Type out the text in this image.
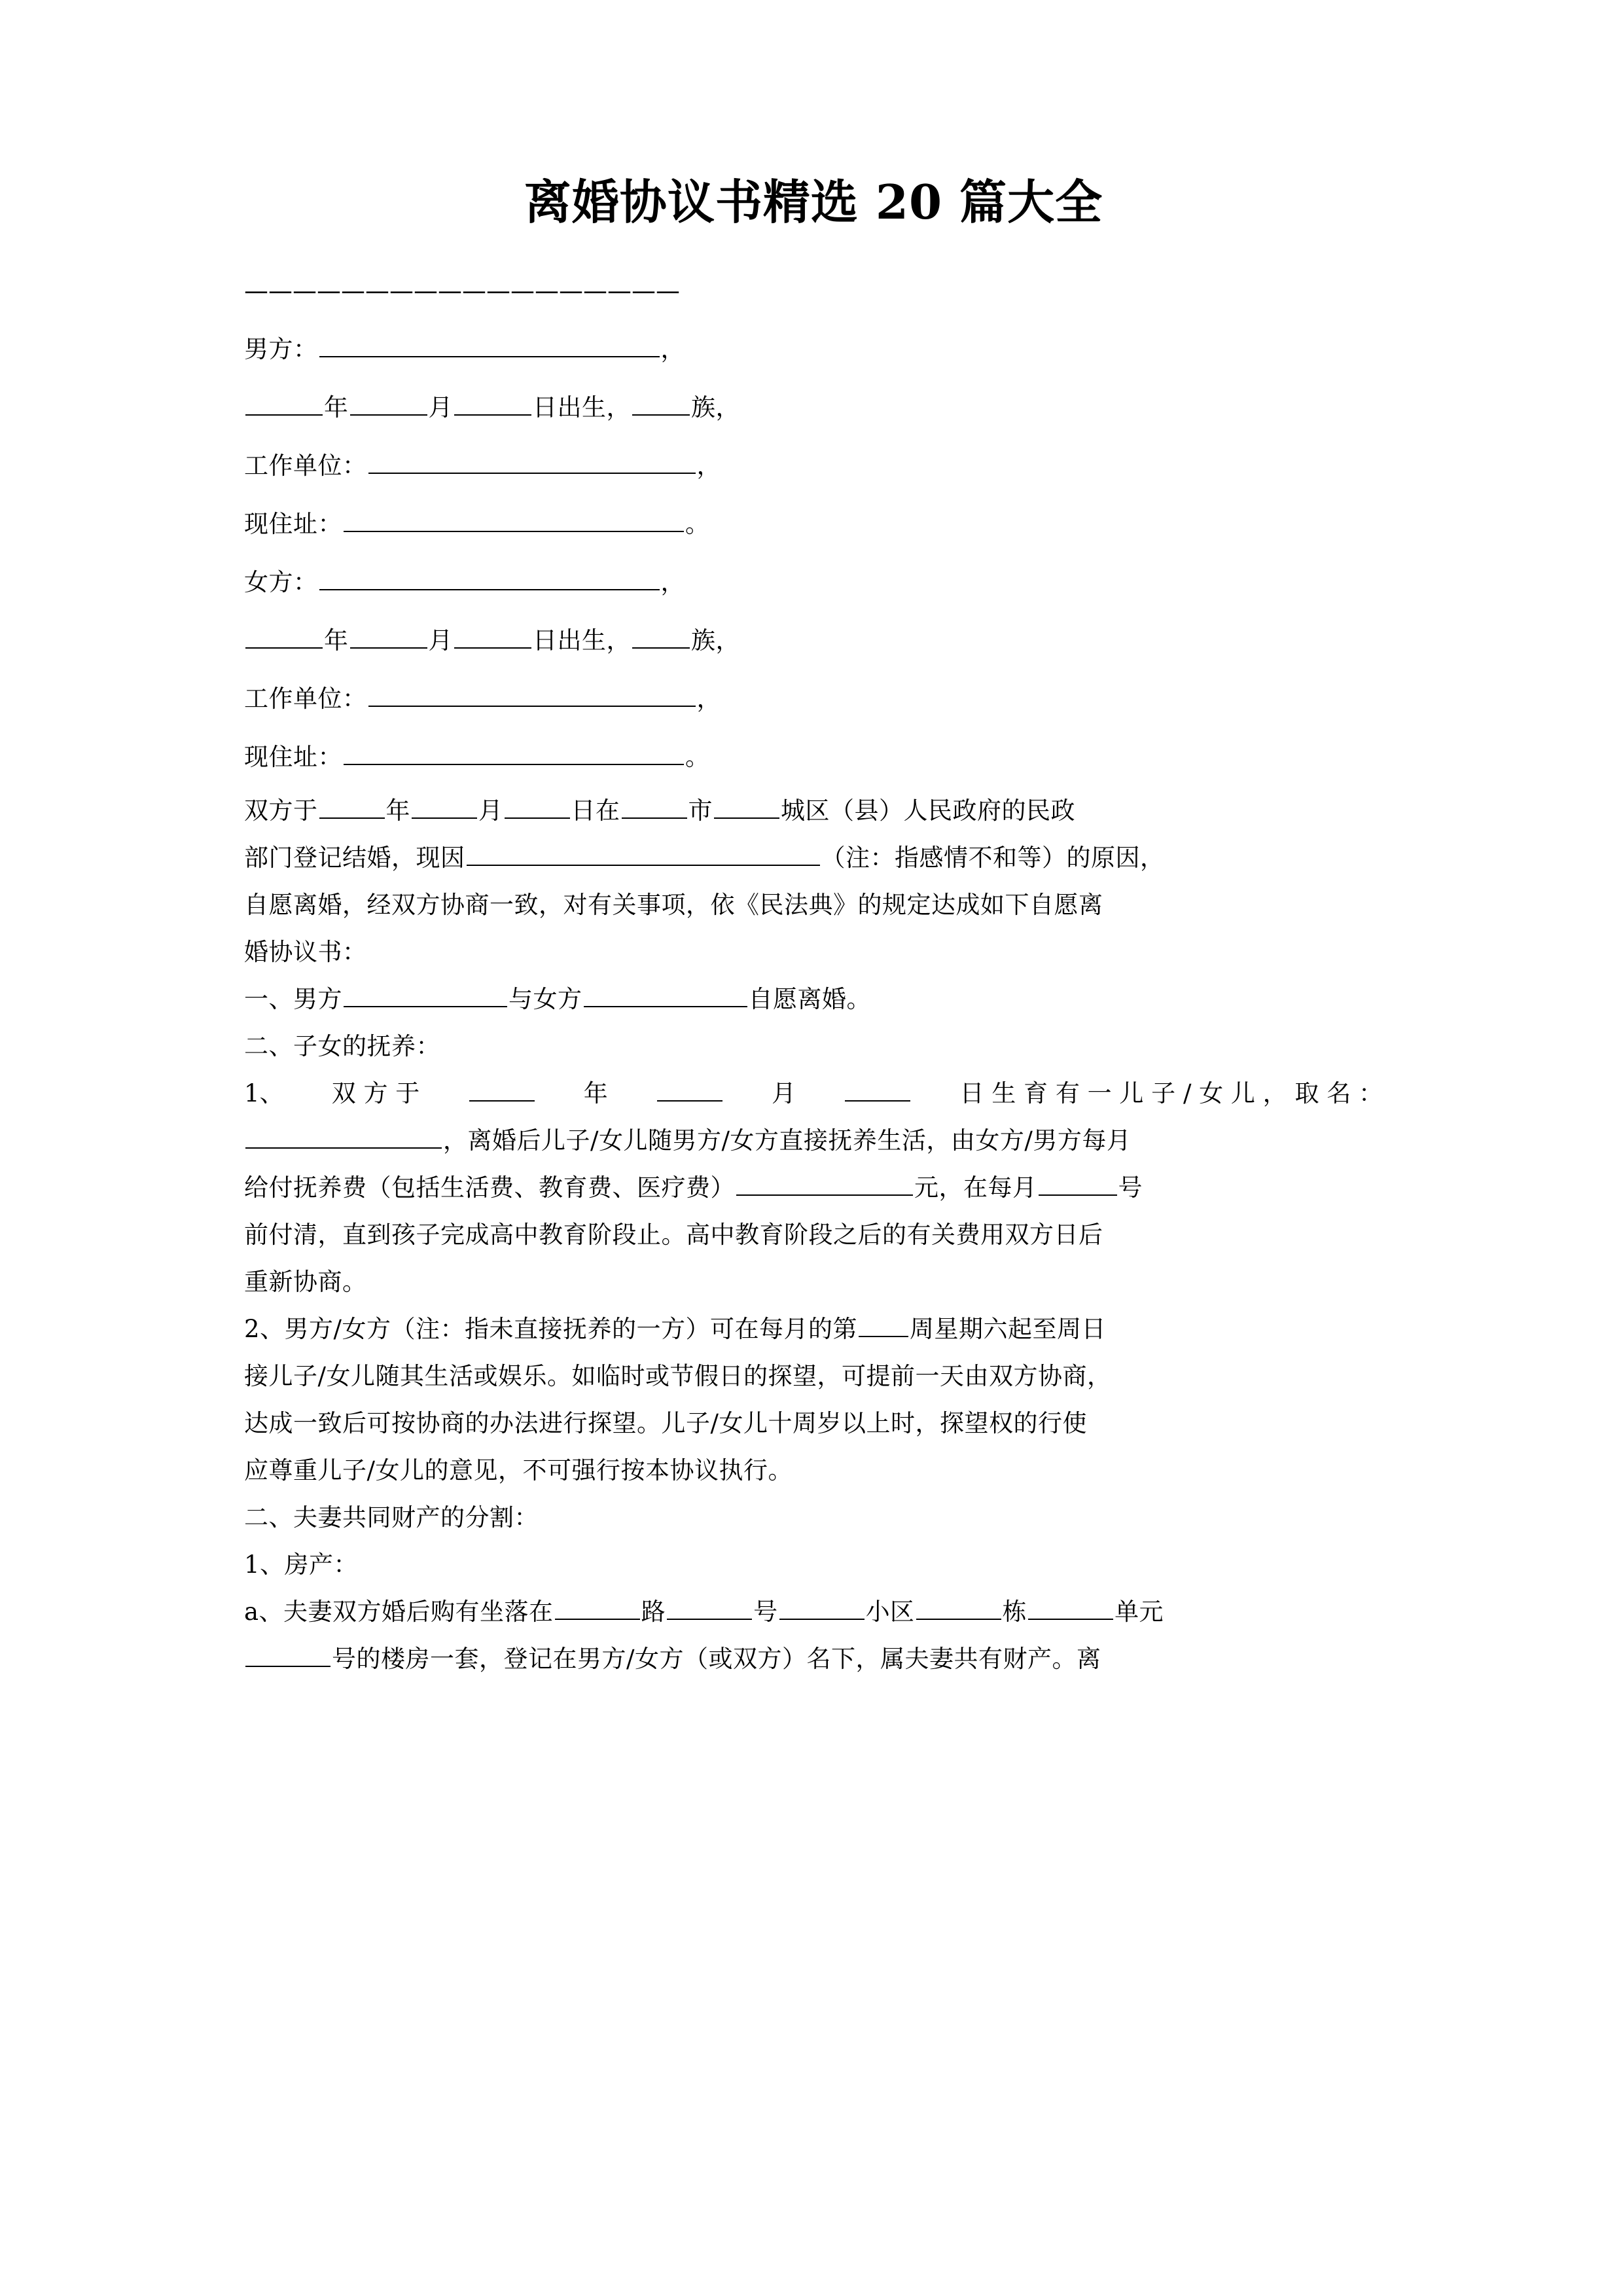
离婚协议书精选 20 篇大全
——————————————————
男方：	，
年	月	日出生， 族，
工作单位：	，
现住址：	。
女方：	，
年	月	日出生， 族，
工作单位：	，
现住址：	。
双方于	年	月	日在	市	城区（县）人民政府的民政
部门登记结婚，现因	（注：指感情不和等）的原因，
自愿离婚，经双方协商一致，对有关事项，依《民法典》的规定达成如下自愿离
婚协议书：
一、男方	与女方	自愿离婚。
二、子女的抚养：
1、 双 方 于	年	月	日 生 育 有 一 儿 子 / 女 儿 ， 取 名 ：
，离婚后儿子/女儿随男方/女方直接抚养生活，由女方/男方每月
给付抚养费（包括生活费、教育费、医疗费）	元，在每月	号
前付清，直到孩子完成高中教育阶段止。高中教育阶段之后的有关费用双方日后
重新协商。
2、男方/女方（注：指未直接抚养的一方）可在每月的第 周星期六起至周日
接儿子/女儿随其生活或娱乐。如临时或节假日的探望，可提前一天由双方协商，
达成一致后可按协商的办法进行探望。儿子/女儿十周岁以上时，探望权的行使
应尊重儿子/女儿的意见，不可强行按本协议执行。
二、夫妻共同财产的分割：
1、房产：
a、夫妻双方婚后购有坐落在	路	号	小区	栋	单元
号的楼房一套，登记在男方/女方（或双方）名下，属夫妻共有财产。离
